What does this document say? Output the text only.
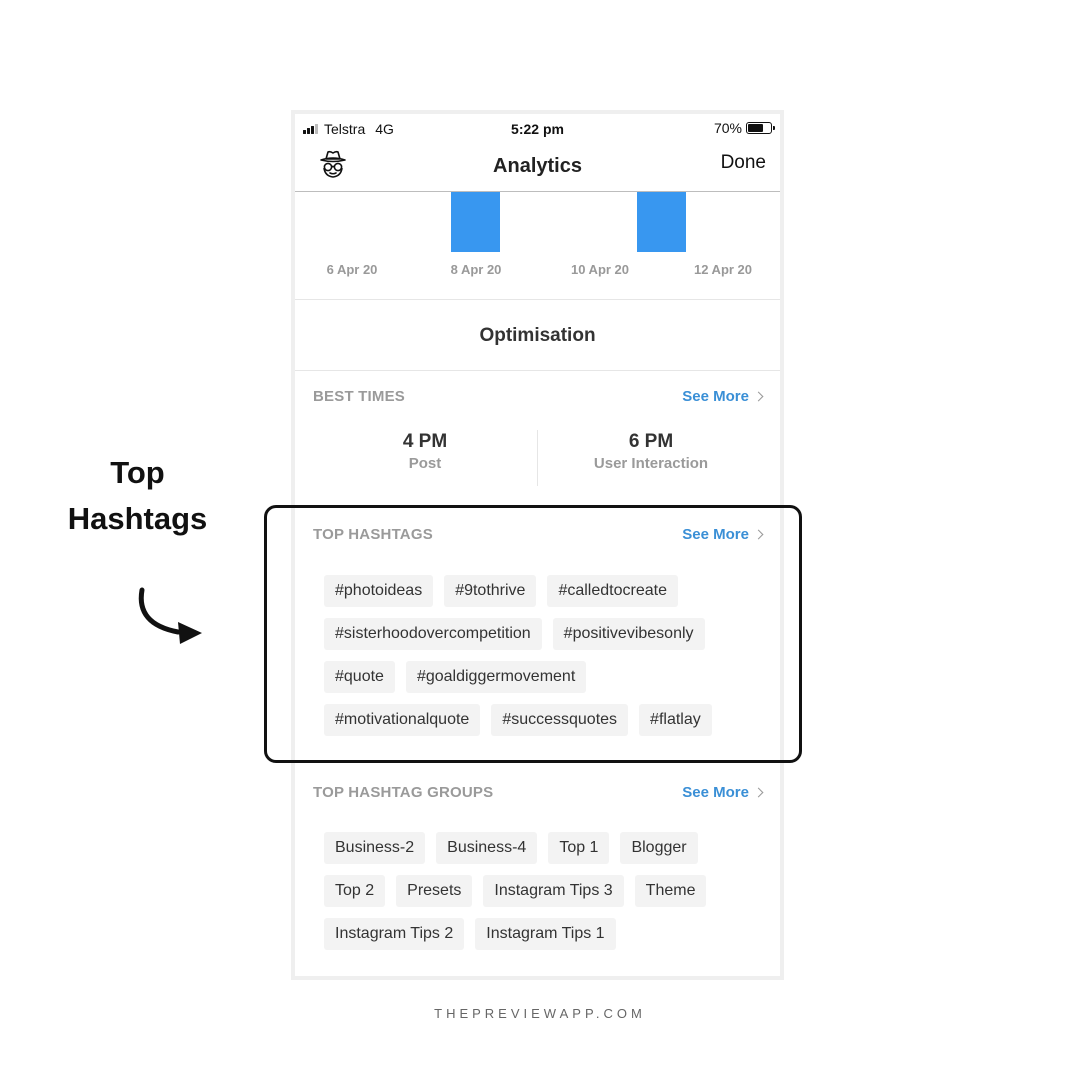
Telstra 4G	5:22 pm	70%
Analytics	Done
6 Apr 20	8 Apr 20	10 Apr 20	12 Apr 20
Optimisation
BEST TIMES	See More
4 PM
Post
6 PM
User Interaction
TOP HASHTAGS	See More
#photoideas	#9tothrive	#calledtocreate
#sisterhoodovercompetition	#positivevibesonly
#quote	#goaldiggermovement
#motivationalquote	#successquotes	#flatlay
TOP HASHTAG GROUPS	See More
Business-2	Business-4	Top 1	Blogger
Top 2	Presets	Instagram Tips 3	Theme
Instagram Tips 2	Instagram Tips 1
Top
Hashtags
THEPREVIEWAPP.COM
